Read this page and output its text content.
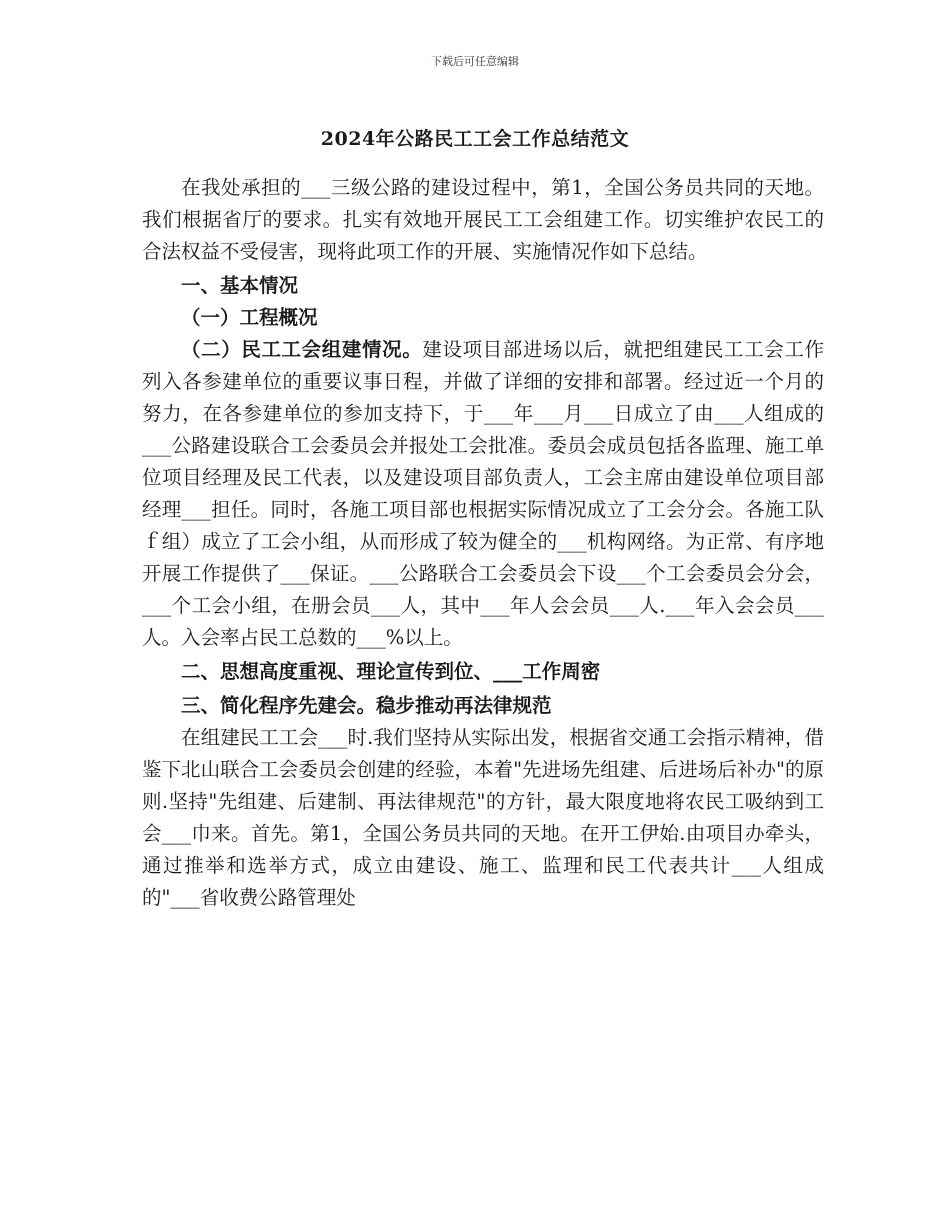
下载后可任意编辑
2024年公路民工工会工作总结范文

在我处承担的___三级公路的建设过程中，第1，全国公务员共同的天地。我们根据省厅的要求。扎实有效地开展民工工会组建工作。切实维护农民工的合法权益不受侵害，现将此项工作的开展、实施情况作如下总结。

一、基本情况

（一）工程概况

（二）民工工会组建情况。建设项目部进场以后，就把组建民工工会工作列入各参建单位的重要议事日程，并做了详细的安排和部署。经过近一个月的努力，在各参建单位的参加支持下，于___年___月___日成立了由___人组成的___公路建设联合工会委员会并报处工会批准。委员会成员包括各监理、施工单位项目经理及民工代表，以及建设项目部负责人，工会主席由建设单位项目部经理___担任。同时，各施工项目部也根据实际情况成立了工会分会。各施工队ｆ组）成立了工会小组，从而形成了较为健全的___机构网络。为正常、有序地开展工作提供了___保证。___公路联合工会委员会下设___个工会委员会分会，___个工会小组，在册会员___人，其中___年人会会员___人.___年入会会员___人。入会率占民工总数的___%以上。

二、思想高度重视、理论宣传到位、___工作周密

三、简化程序先建会。稳步推动再法律规范

在组建民工工会___时.我们坚持从实际出发，根据省交通工会指示精神，借鉴下北山联合工会委员会创建的经验，本着"先进场先组建、后进场后补办"的原则.坚持"先组建、后建制、再法律规范"的方针，最大限度地将农民工吸纳到工会___巾来。首先。第1，全国公务员共同的天地。在开工伊始.由项目办牵头，通过推举和选举方式，成立由建设、施工、监理和民工代表共计___人组成的"___省收费公路管理处
